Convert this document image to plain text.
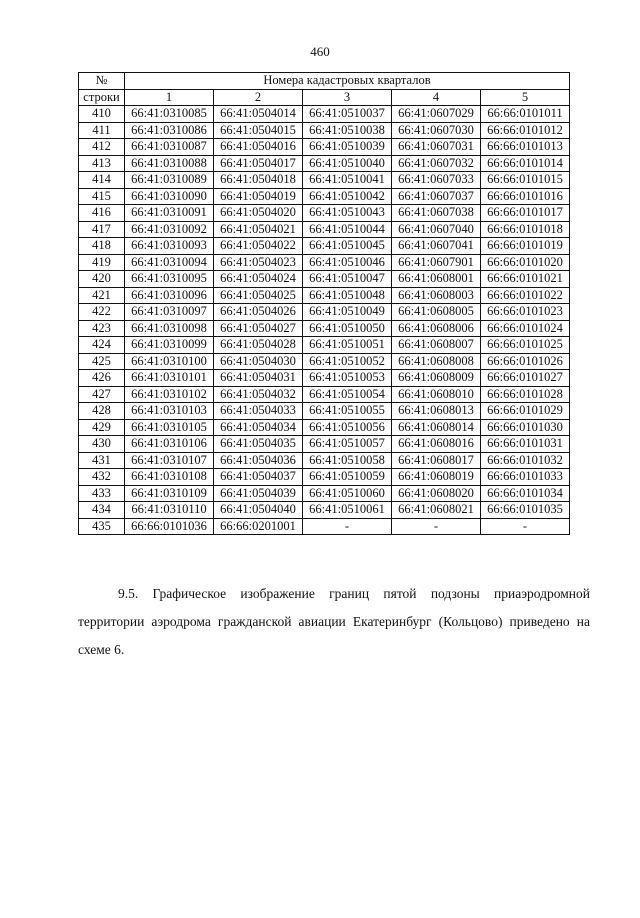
460
№	Номера кадастровых кварталов				
строки	1	2	3	4	5
410	66:41:0310085	66:41:0504014	66:41:0510037	66:41:0607029	66:66:0101011
411	66:41:0310086	66:41:0504015	66:41:0510038	66:41:0607030	66:66:0101012
412	66:41:0310087	66:41:0504016	66:41:0510039	66:41:0607031	66:66:0101013
413	66:41:0310088	66:41:0504017	66:41:0510040	66:41:0607032	66:66:0101014
414	66:41:0310089	66:41:0504018	66:41:0510041	66:41:0607033	66:66:0101015
415	66:41:0310090	66:41:0504019	66:41:0510042	66:41:0607037	66:66:0101016
416	66:41:0310091	66:41:0504020	66:41:0510043	66:41:0607038	66:66:0101017
417	66:41:0310092	66:41:0504021	66:41:0510044	66:41:0607040	66:66:0101018
418	66:41:0310093	66:41:0504022	66:41:0510045	66:41:0607041	66:66:0101019
419	66:41:0310094	66:41:0504023	66:41:0510046	66:41:0607901	66:66:0101020
420	66:41:0310095	66:41:0504024	66:41:0510047	66:41:0608001	66:66:0101021
421	66:41:0310096	66:41:0504025	66:41:0510048	66:41:0608003	66:66:0101022
422	66:41:0310097	66:41:0504026	66:41:0510049	66:41:0608005	66:66:0101023
423	66:41:0310098	66:41:0504027	66:41:0510050	66:41:0608006	66:66:0101024
424	66:41:0310099	66:41:0504028	66:41:0510051	66:41:0608007	66:66:0101025
425	66:41:0310100	66:41:0504030	66:41:0510052	66:41:0608008	66:66:0101026
426	66:41:0310101	66:41:0504031	66:41:0510053	66:41:0608009	66:66:0101027
427	66:41:0310102	66:41:0504032	66:41:0510054	66:41:0608010	66:66:0101028
428	66:41:0310103	66:41:0504033	66:41:0510055	66:41:0608013	66:66:0101029
429	66:41:0310105	66:41:0504034	66:41:0510056	66:41:0608014	66:66:0101030
430	66:41:0310106	66:41:0504035	66:41:0510057	66:41:0608016	66:66:0101031
431	66:41:0310107	66:41:0504036	66:41:0510058	66:41:0608017	66:66:0101032
432	66:41:0310108	66:41:0504037	66:41:0510059	66:41:0608019	66:66:0101033
433	66:41:0310109	66:41:0504039	66:41:0510060	66:41:0608020	66:66:0101034
434	66:41:0310110	66:41:0504040	66:41:0510061	66:41:0608021	66:66:0101035
435	66:66:0101036	66:66:0201001	-	-	-
9.5. Графическое изображение границ пятой подзоны приаэродромной территории аэродрома гражданской авиации Екатеринбург (Кольцово) приведено на схеме 6.
